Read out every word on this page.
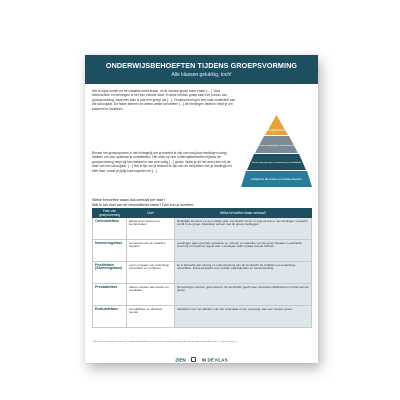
ONDERWIJSBEHOEFTEN TIJDENS GROEPSVORMING
Alle klassen gelukkig, toch!

Het is bijna zomer en de vakantie komt eraan, of de nieuwe groep komt eraan […]. Voor leerkrachten en leerlingen is het een nieuwe start. In deze nieuwe groep start het proces van groepsvorming, want een klas is pas een groep als […]. Groepsvorming is een vast onderdeel van elk schooljaar. De fasen kennen en weten welke behoeften […] de leerlingen hebben helpt je om passend te handelen.

Binnen het groepsproces is het belangrijk om je bewust te zijn van wat jouw leerlingen nodig hebben om zich optimaal te ontwikkelen. Het zicht op hun onderwijsbehoeften tijdens de groepsvorming helpt bij het realiseren van een veilig […] groep. Waar je dit het eerst ziet: bij de start van het schooljaar. […] Het is fijn om je bewust te zijn van de behoeften van je leerlingen in elke fase, zodat je tijdig kunt inspelen en [...].

Doelgerichtheid
Sociale verbondenheid en effectief onderwijs
Sociale omgangsregels / samenwerking en duidelijkheid
Veiligheid als basis en basisbehoeften

Welke behoeften staan dus centraal per fase?
Wat is het doel van de verschillende fasen? Dan kun je inzetten:

Fase van groepsvorming	Doel	Welke behoeften staan centraal?
Oriëntatiefase	Elkaar leren kennen en kennismaken	Duidelijke structuur en een veilige plek. Leerkracht stuurt en legt uit wat er van leerlingen verwacht wordt in de groep. Afspraken samen met de groep vastleggen.
Normeringsfase	Groepsnormen en waarden bepalen	Leerlingen gaan grenzen opzoeken en normen en waarden van de groep bepalen. Leerkracht stuurt bij en houdt de regels vast. Leerlingen willen graag invloed hebben.
Positiefase (Stormingsfase)	Leren omgaan met onderlinge verschillen en conflicten	Er is behoefte aan sturing en ondersteuning van de leerkracht bij conflicten en onderlinge verschillen. Extra aandacht voor sociale vaardigheden en samenwerking.
Prestatiefase	Samen werken aan doelen en resultaten	De leerlingen werken goed samen. De leerkracht geeft meer verantwoordelijkheid en ruimte aan de groep.
Evaluatiefase	Terugblikken en afscheid nemen	Aandacht voor het afsluiten van het schooljaar en de overgang naar een nieuwe groep.

* Het doel is om dit plan te zien als [...] onderwijsbehoeften van de groep in de groepsvorming. Het kan zijn dat je bepaalde fasen [...] van de groep [...].

ZIEN	IN DE KLAS
